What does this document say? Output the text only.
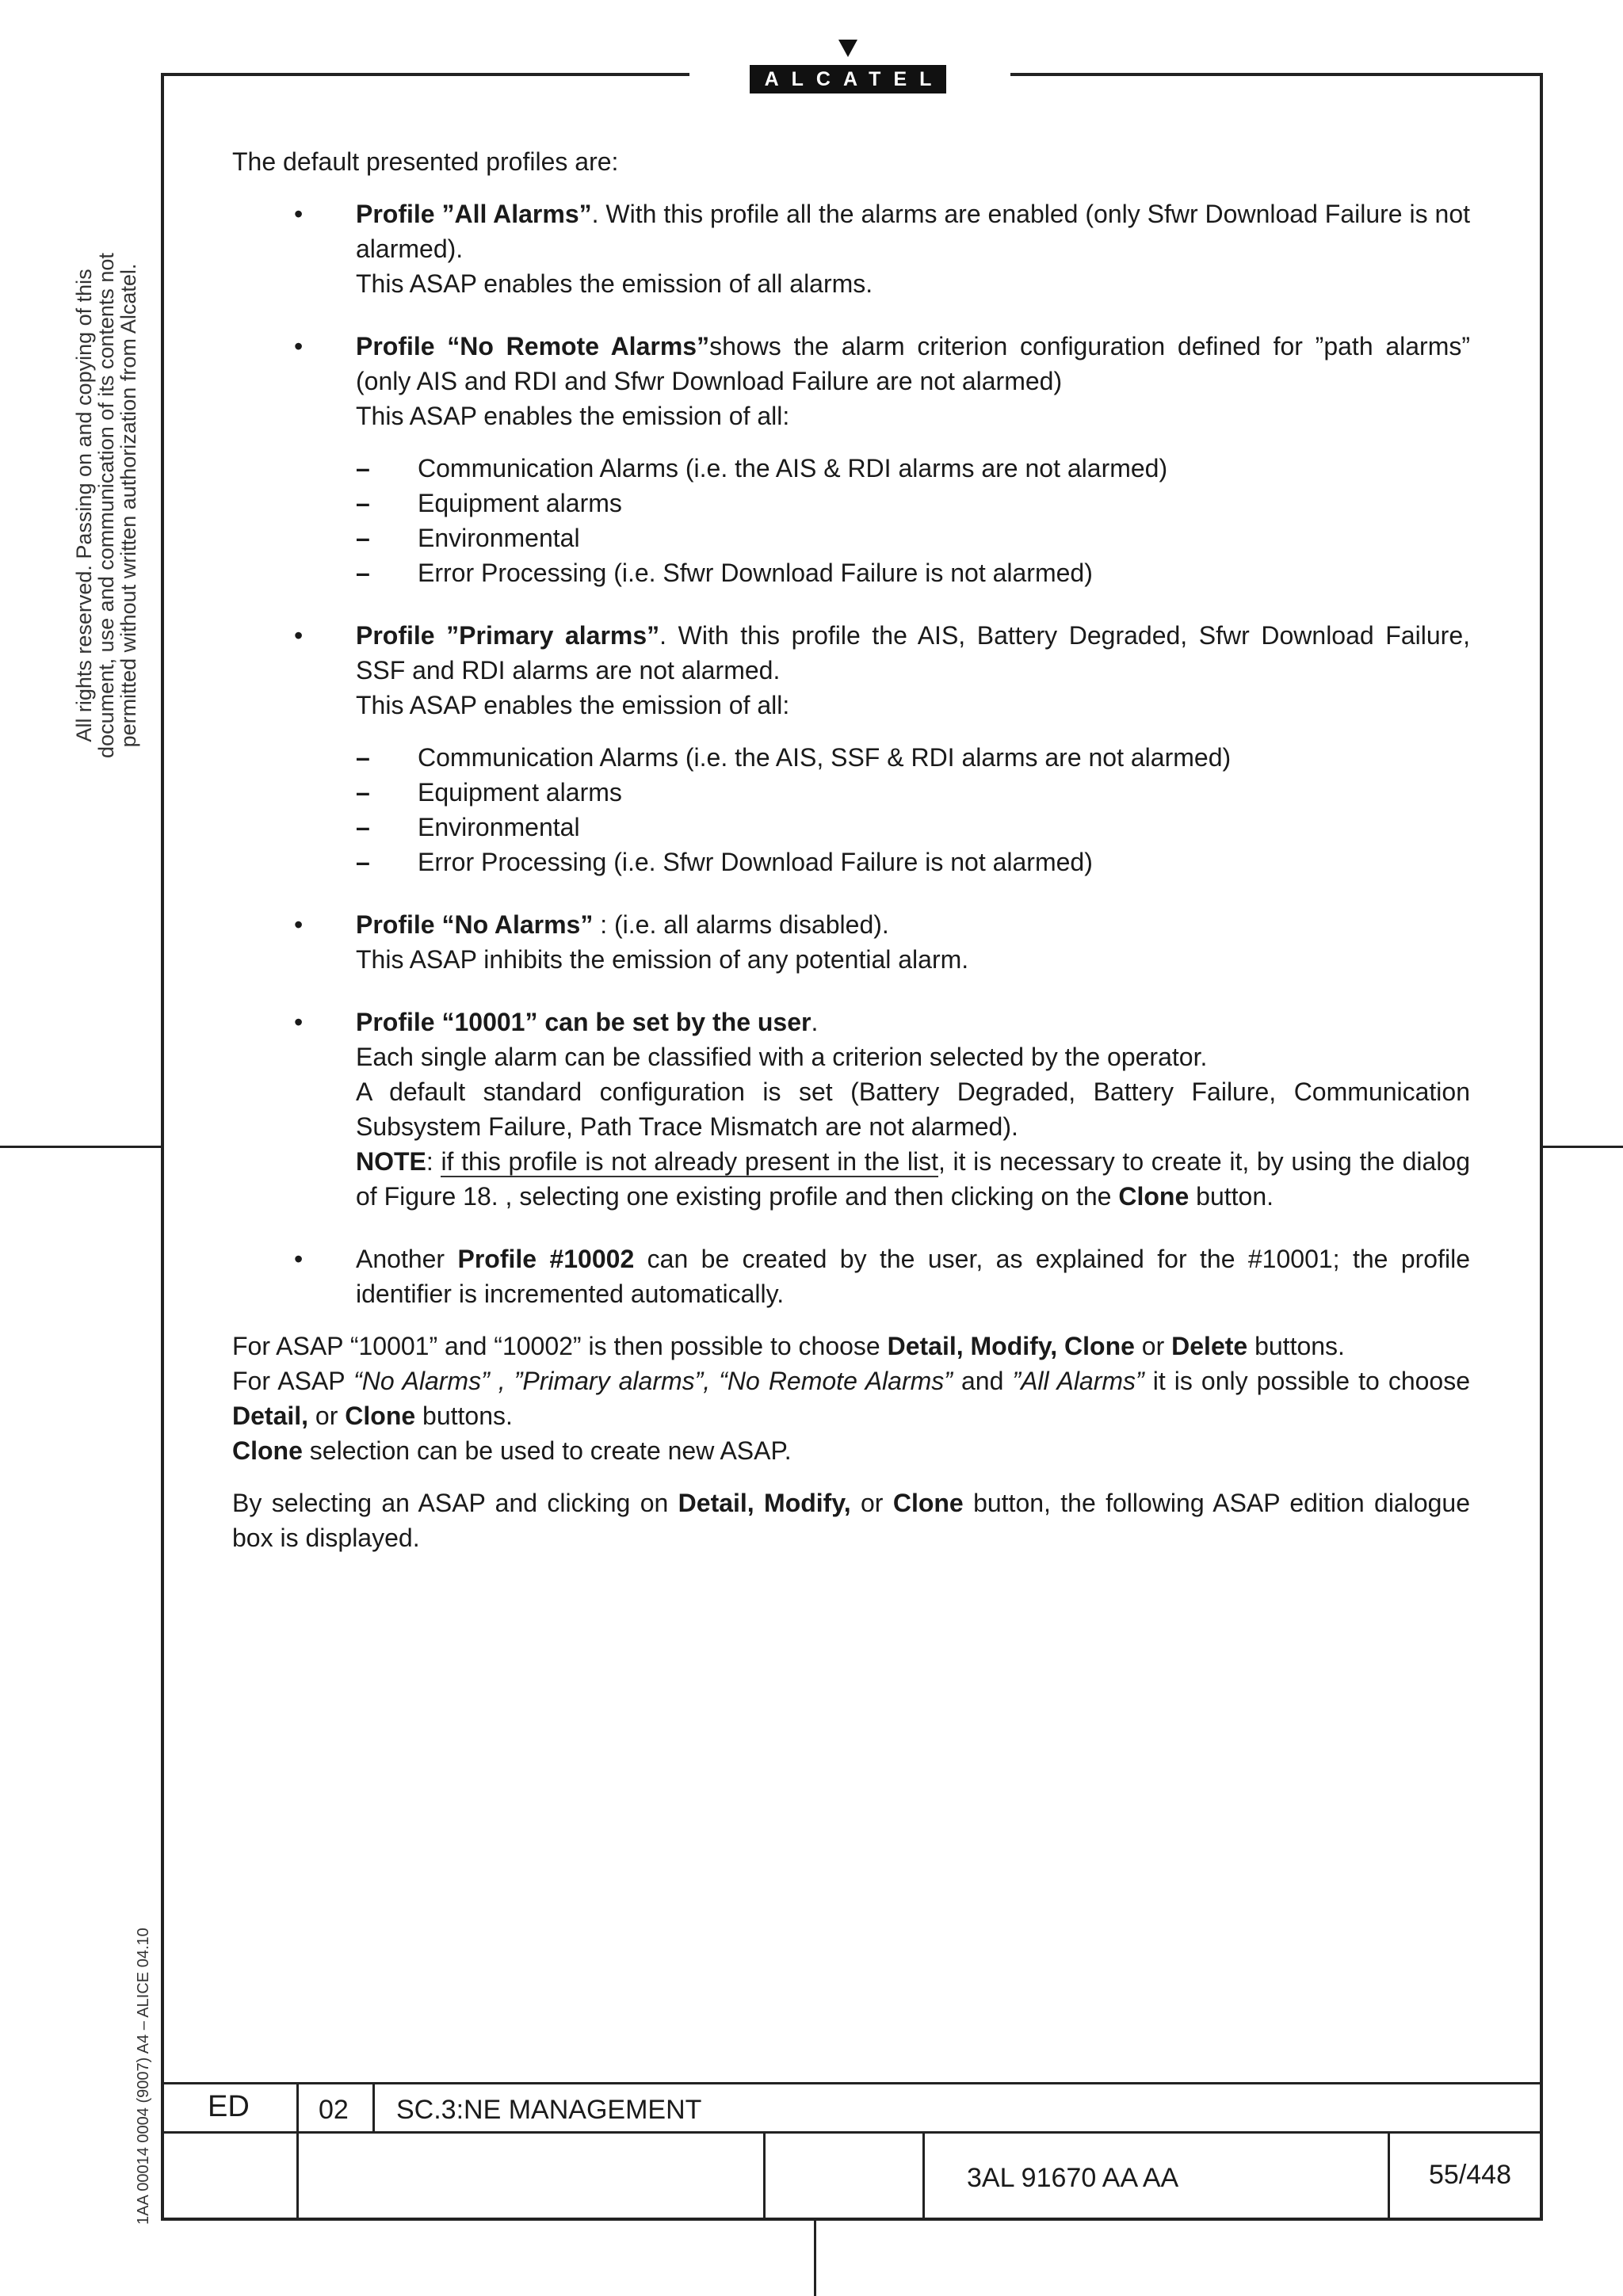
ALCATEL
All rights reserved. Passing on and copying of this document, use and communication of its contents not permitted without written authorization from Alcatel.
1AA 00014 0004 (9007) A4 – ALICE 04.10

The default presented profiles are:

• Profile ”All Alarms”. With this profile all the alarms are enabled (only Sfwr Download Failure is not alarmed).

This ASAP enables the emission of all alarms.

• Profile “No Remote Alarms”shows the alarm criterion configuration defined for ”path alarms” (only AIS and RDI and Sfwr Download Failure are not alarmed)

This ASAP enables the emission of all:

– Communication Alarms (i.e. the AIS & RDI alarms are not alarmed)
– Equipment alarms
– Environmental
– Error Processing (i.e. Sfwr Download Failure is not alarmed)
• Profile ”Primary alarms”. With this profile the AIS, Battery Degraded, Sfwr Download Failure, SSF and RDI alarms are not alarmed.

This ASAP enables the emission of all:

– Communication Alarms (i.e. the AIS, SSF & RDI alarms are not alarmed)
– Equipment alarms
– Environmental
– Error Processing (i.e. Sfwr Download Failure is not alarmed)
• Profile “No Alarms” : (i.e. all alarms disabled).

This ASAP inhibits the emission of any potential alarm.

• Profile “10001” can be set by the user.

Each single alarm can be classified with a criterion selected by the operator.

A default standard configuration is set (Battery Degraded, Battery Failure, Communication Subsystem Failure, Path Trace Mismatch are not alarmed).

NOTE: if this profile is not already present in the list, it is necessary to create it, by using the dialog of Figure 18. , selecting one existing profile and then clicking on the Clone button.

• Another Profile #10002 can be created by the user, as explained for the #10001; the profile identifier is incremented automatically.

For ASAP “10001” and “10002” is then possible to choose Detail, Modify, Clone or Delete buttons.

For ASAP “No Alarms” , ”Primary alarms”, “No Remote Alarms” and ”All Alarms” it is only possible to choose Detail, or Clone buttons.

Clone selection can be used to create new ASAP.

By selecting an ASAP and clicking on Detail, Modify, or Clone button, the following ASAP edition dialogue box is displayed.

ED	02 SC.3:NE MANAGEMENT
3AL 91670 AA AA	55/448
